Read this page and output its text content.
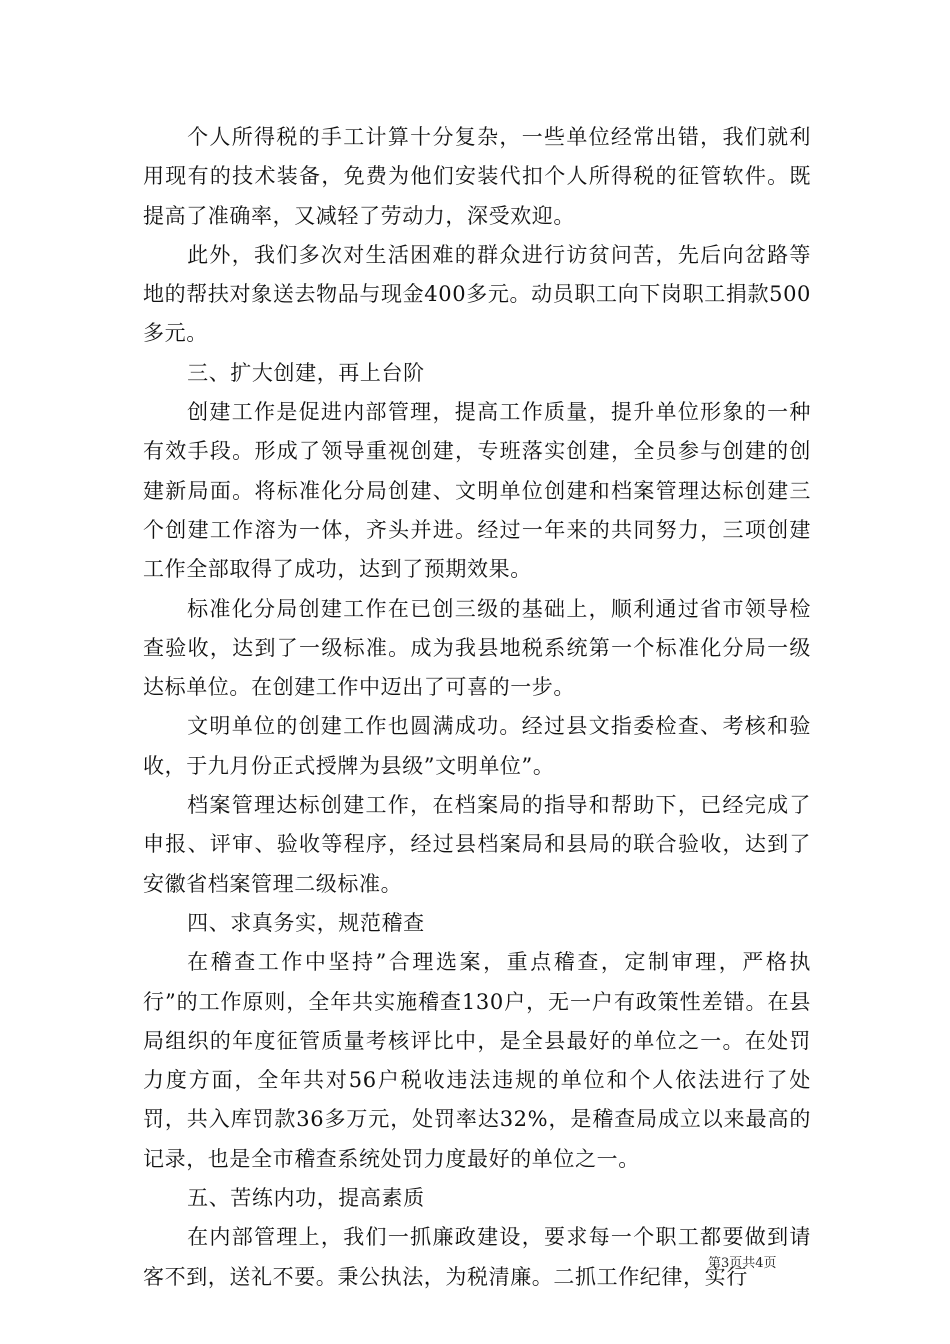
个人所得税的手工计算十分复杂，一些单位经常出错，我们就利用现有的技术装备，免费为他们安装代扣个人所得税的征管软件。既提高了准确率，又减轻了劳动力，深受欢迎。

此外，我们多次对生活困难的群众进行访贫问苦，先后向岔路等地的帮扶对象送去物品与现金400多元。动员职工向下岗职工捐款500多元。

三、扩大创建，再上台阶

创建工作是促进内部管理，提高工作质量，提升单位形象的一种有效手段。形成了领导重视创建，专班落实创建，全员参与创建的创建新局面。将标准化分局创建、文明单位创建和档案管理达标创建三个创建工作溶为一体，齐头并进。经过一年来的共同努力，三项创建工作全部取得了成功，达到了预期效果。

标准化分局创建工作在已创三级的基础上，顺利通过省市领导检查验收，达到了一级标准。成为我县地税系统第一个标准化分局一级达标单位。在创建工作中迈出了可喜的一步。

文明单位的创建工作也圆满成功。经过县文指委检查、考核和验收，于九月份正式授牌为县级”文明单位”。

档案管理达标创建工作，在档案局的指导和帮助下，已经完成了申报、评审、验收等程序，经过县档案局和县局的联合验收，达到了安徽省档案管理二级标准。

四、求真务实，规范稽查

在稽查工作中坚持”合理选案，重点稽查，定制审理，严格执行”的工作原则，全年共实施稽查130户，无一户有政策性差错。在县局组织的年度征管质量考核评比中，是全县最好的单位之一。在处罚力度方面，全年共对56户税收违法违规的单位和个人依法进行了处罚，共入库罚款36多万元，处罚率达32%，是稽查局成立以来最高的记录，也是全市稽查系统处罚力度最好的单位之一。

五、苦练内功，提高素质

在内部管理上，我们一抓廉政建设，要求每一个职工都要做到请客不到，送礼不要。秉公执法，为税清廉。二抓工作纪律，实行

第3页共4页
